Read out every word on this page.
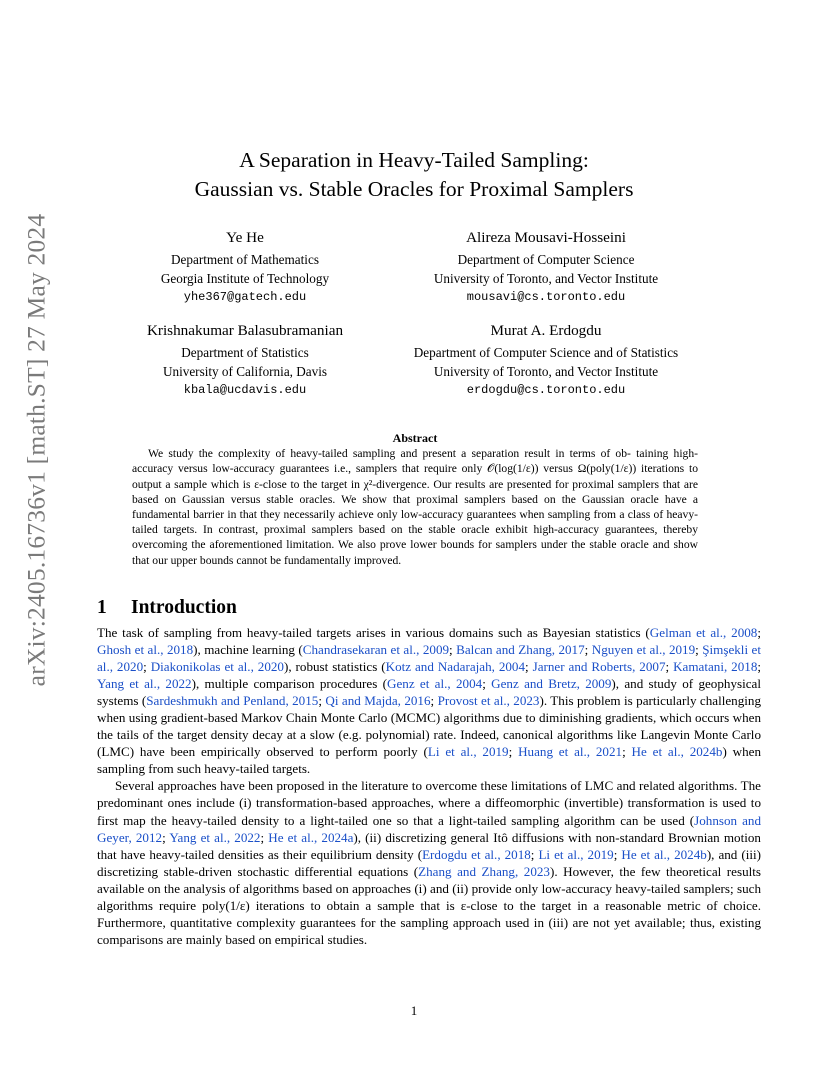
arXiv:2405.16736v1 [math.ST] 27 May 2024
A Separation in Heavy-Tailed Sampling:
Gaussian vs. Stable Oracles for Proximal Samplers
Ye He
Department of Mathematics
Georgia Institute of Technology
yhe367@gatech.edu
Alireza Mousavi-Hosseini
Department of Computer Science
University of Toronto, and Vector Institute
mousavi@cs.toronto.edu
Krishnakumar Balasubramanian
Department of Statistics
University of California, Davis
kbala@ucdavis.edu
Murat A. Erdogdu
Department of Computer Science and of Statistics
University of Toronto, and Vector Institute
erdogdu@cs.toronto.edu
Abstract

We study the complexity of heavy-tailed sampling and present a separation result in terms of ob- taining high-accuracy versus low-accuracy guarantees i.e., samplers that require only 𝒪(log(1/ε)) versus Ω(poly(1/ε)) iterations to output a sample which is ε-close to the target in χ²-divergence. Our results are presented for proximal samplers that are based on Gaussian versus stable oracles. We show that proximal samplers based on the Gaussian oracle have a fundamental barrier in that they necessarily achieve only low-accuracy guarantees when sampling from a class of heavy-tailed targets. In contrast, proximal samplers based on the stable oracle exhibit high-accuracy guarantees, thereby overcoming the aforementioned limitation. We also prove lower bounds for samplers under the stable oracle and show that our upper bounds cannot be fundamentally improved.

1 Introduction

The task of sampling from heavy-tailed targets arises in various domains such as Bayesian statistics (Gelman et al., 2008; Ghosh et al., 2018), machine learning (Chandrasekaran et al., 2009; Balcan and Zhang, 2017; Nguyen et al., 2019; Şimşekli et al., 2020; Diakonikolas et al., 2020), robust statistics (Kotz and Nadarajah, 2004; Jarner and Roberts, 2007; Kamatani, 2018; Yang et al., 2022), multiple comparison procedures (Genz et al., 2004; Genz and Bretz, 2009), and study of geophysical systems (Sardeshmukh and Penland, 2015; Qi and Majda, 2016; Provost et al., 2023). This problem is particularly challenging when using gradient-based Markov Chain Monte Carlo (MCMC) algorithms due to diminishing gradients, which occurs when the tails of the target density decay at a slow (e.g. polynomial) rate. Indeed, canonical algorithms like Langevin Monte Carlo (LMC) have been empirically observed to perform poorly (Li et al., 2019; Huang et al., 2021; He et al., 2024b) when sampling from such heavy-tailed targets.

Several approaches have been proposed in the literature to overcome these limitations of LMC and related algorithms. The predominant ones include (i) transformation-based approaches, where a diffeomorphic (invertible) transformation is used to first map the heavy-tailed density to a light-tailed one so that a light-tailed sampling algorithm can be used (Johnson and Geyer, 2012; Yang et al., 2022; He et al., 2024a), (ii) discretizing general Itô diffusions with non-standard Brownian motion that have heavy-tailed densities as their equilibrium density (Erdogdu et al., 2018; Li et al., 2019; He et al., 2024b), and (iii) discretizing stable-driven stochastic differential equations (Zhang and Zhang, 2023). However, the few theoretical results available on the analysis of algorithms based on approaches (i) and (ii) provide only low-accuracy heavy-tailed samplers; such algorithms require poly(1/ε) iterations to obtain a sample that is ε-close to the target in a reasonable metric of choice. Furthermore, quantitative complexity guarantees for the sampling approach used in (iii) are not yet available; thus, existing comparisons are mainly based on empirical studies.

1
